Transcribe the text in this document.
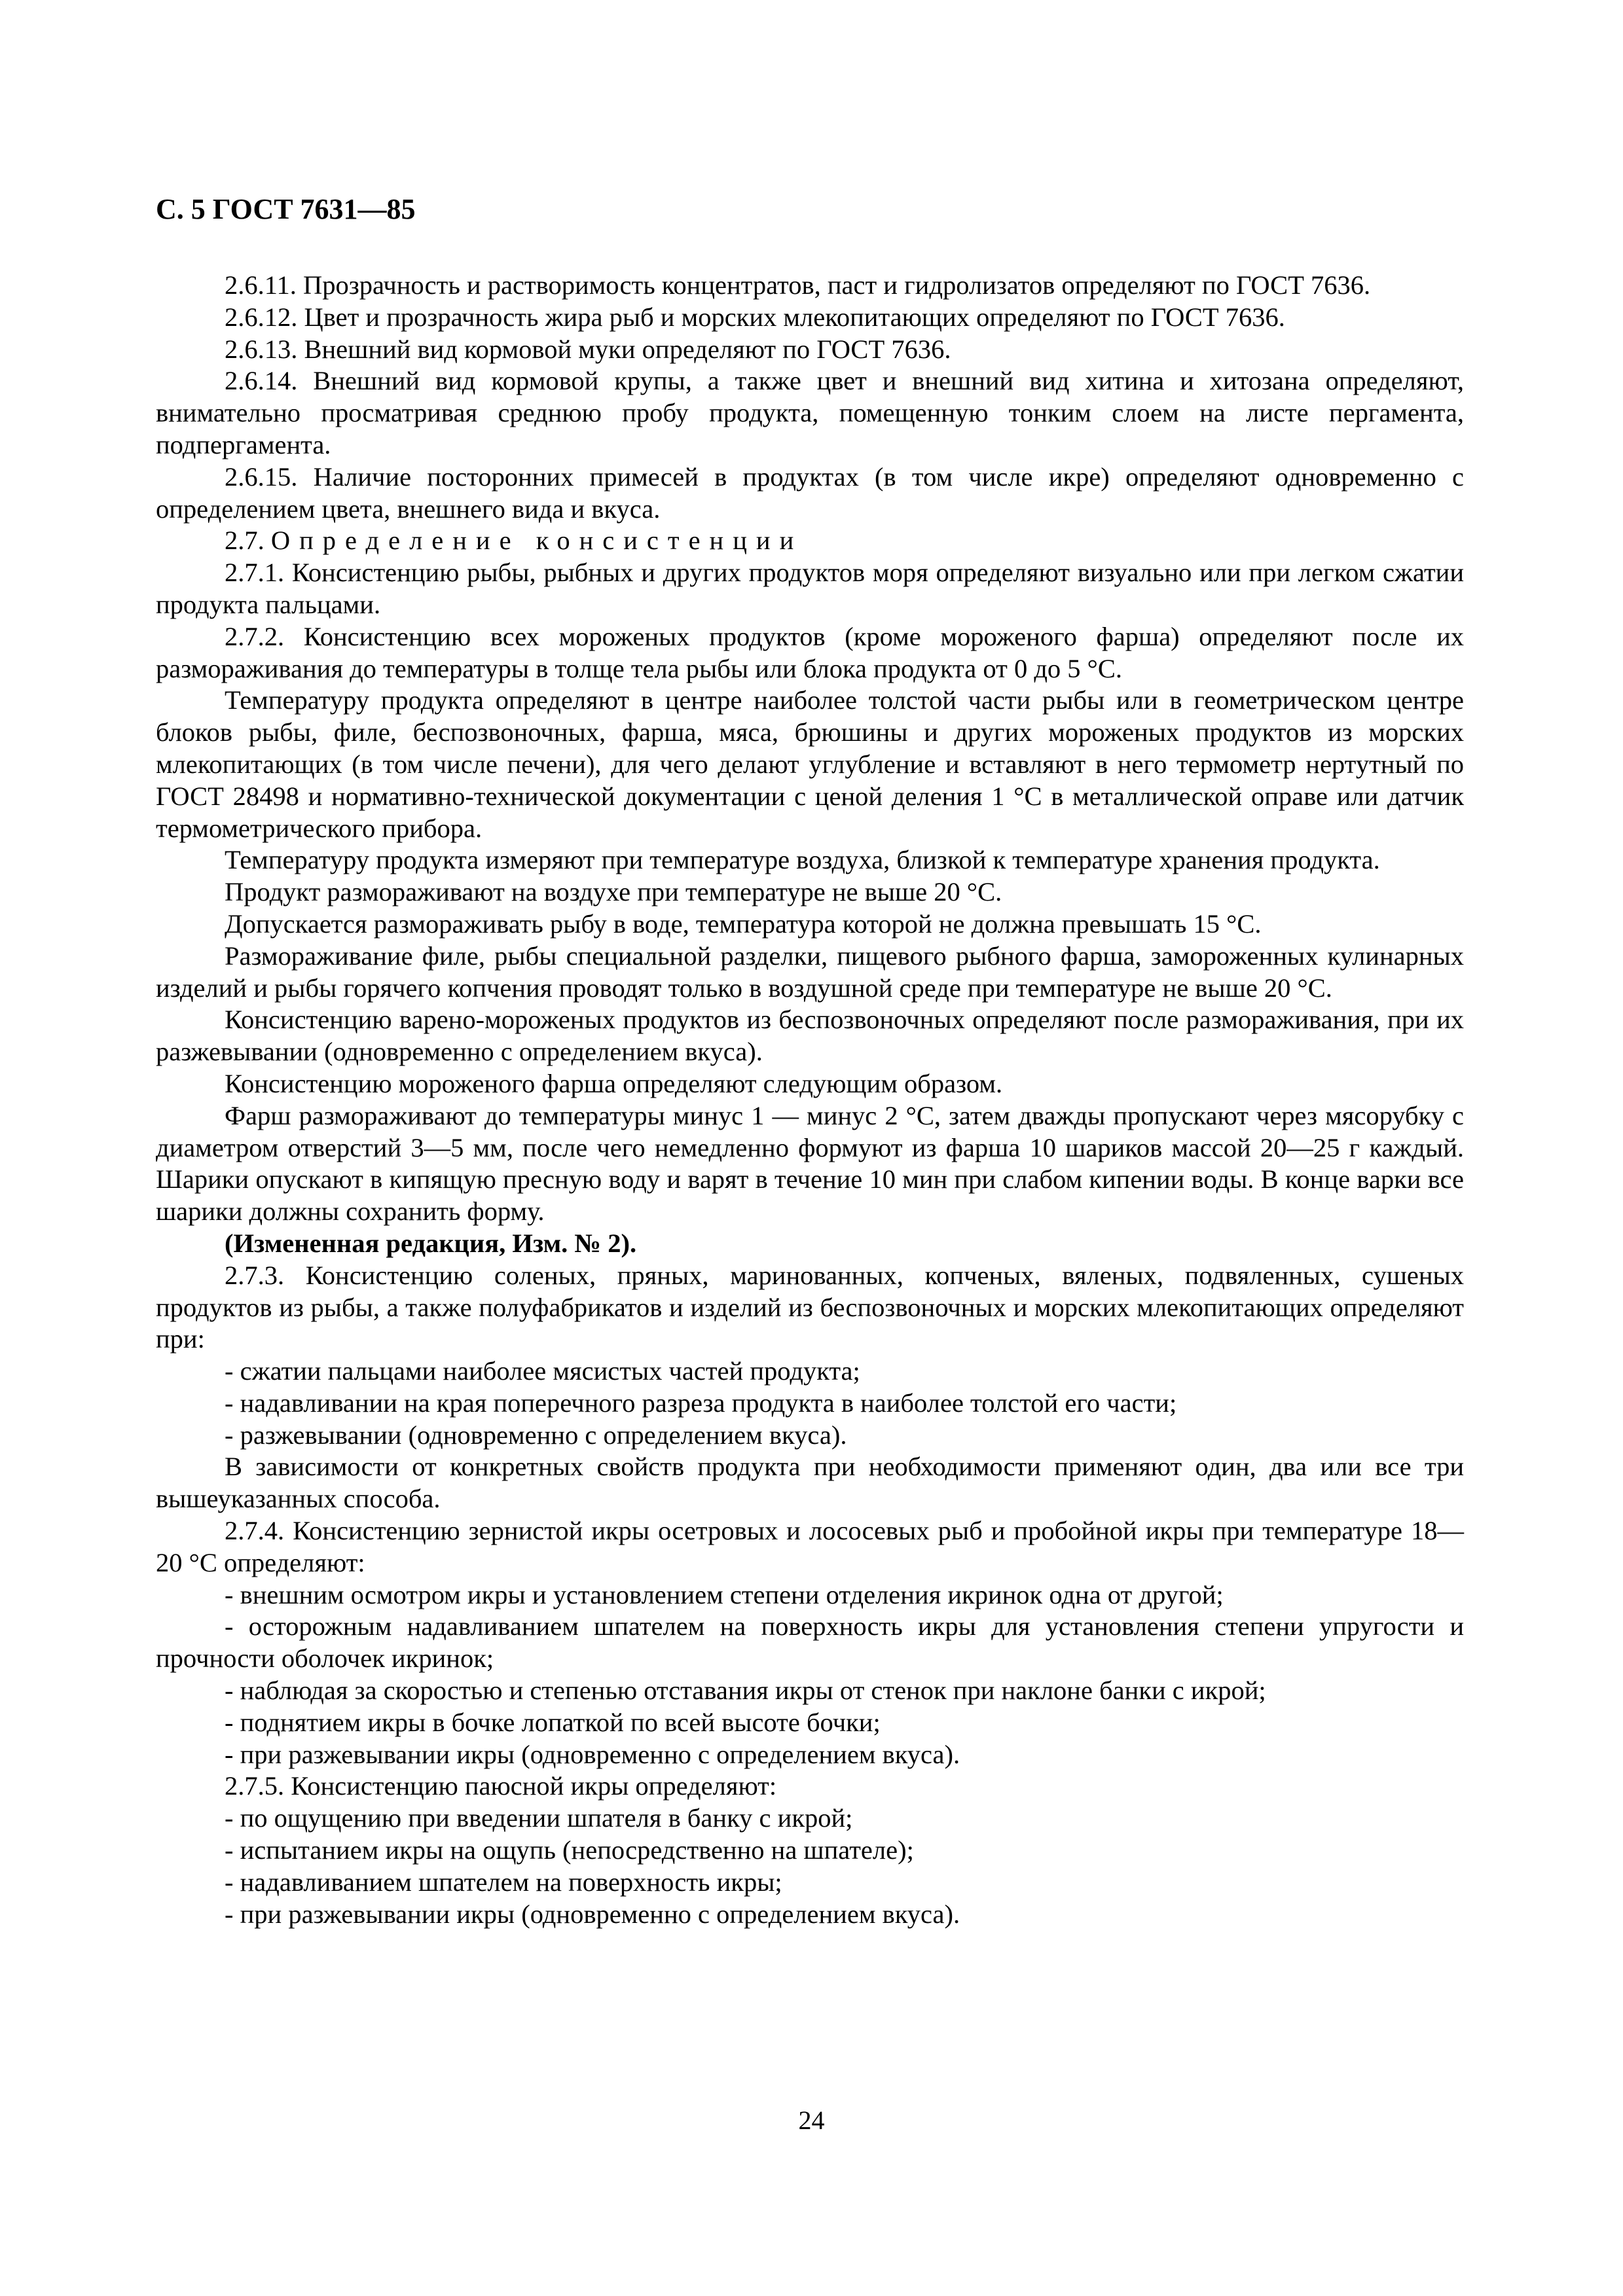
С. 5 ГОСТ 7631—85

2.6.11. Прозрачность и растворимость концентратов, паст и гидролизатов определяют по ГОСТ 7636.

2.6.12. Цвет и прозрачность жира рыб и морских млекопитающих определяют по ГОСТ 7636.

2.6.13. Внешний вид кормовой муки определяют по ГОСТ 7636.

2.6.14. Внешний вид кормовой крупы, а также цвет и внешний вид хитина и хитозана определяют, внимательно просматривая среднюю пробу продукта, помещенную тонким слоем на листе пергамента, подпергамента.

2.6.15. Наличие посторонних примесей в продуктах (в том числе икре) определяют одновременно с определением цвета, внешнего вида и вкуса.

2.7. Определение консистенции

2.7.1. Консистенцию рыбы, рыбных и других продуктов моря определяют визуально или при легком сжатии продукта пальцами.

2.7.2. Консистенцию всех мороженых продуктов (кроме мороженого фарша) определяют после их размораживания до температуры в толще тела рыбы или блока продукта от 0 до 5 °С.

Температуру продукта определяют в центре наиболее толстой части рыбы или в геометрическом центре блоков рыбы, филе, беспозвоночных, фарша, мяса, брюшины и других мороженых продуктов из морских млекопитающих (в том числе печени), для чего делают углубление и вставляют в него термометр нертутный по ГОСТ 28498 и нормативно-технической документации с ценой деления 1 °С в металлической оправе или датчик термометрического прибора.

Температуру продукта измеряют при температуре воздуха, близкой к температуре хранения продукта.

Продукт размораживают на воздухе при температуре не выше 20 °С.

Допускается размораживать рыбу в воде, температура которой не должна превышать 15 °С.

Размораживание филе, рыбы специальной разделки, пищевого рыбного фарша, замороженных кулинарных изделий и рыбы горячего копчения проводят только в воздушной среде при температуре не выше 20 °С.

Консистенцию варено-мороженых продуктов из беспозвоночных определяют после размораживания, при их разжевывании (одновременно с определением вкуса).

Консистенцию мороженого фарша определяют следующим образом.

Фарш размораживают до температуры минус 1 — минус 2 °С, затем дважды пропускают через мясорубку с диаметром отверстий 3—5 мм, после чего немедленно формуют из фарша 10 шариков массой 20—25 г каждый. Шарики опускают в кипящую пресную воду и варят в течение 10 мин при слабом кипении воды. В конце варки все шарики должны сохранить форму.

(Измененная редакция, Изм. № 2).

2.7.3. Консистенцию соленых, пряных, маринованных, копченых, вяленых, подвяленных, сушеных продуктов из рыбы, а также полуфабрикатов и изделий из беспозвоночных и морских млекопитающих определяют при:

- сжатии пальцами наиболее мясистых частей продукта;

- надавливании на края поперечного разреза продукта в наиболее толстой его части;

- разжевывании (одновременно с определением вкуса).

В зависимости от конкретных свойств продукта при необходимости применяют один, два или все три вышеуказанных способа.

2.7.4. Консистенцию зернистой икры осетровых и лососевых рыб и пробойной икры при температуре 18—20 °С определяют:

- внешним осмотром икры и установлением степени отделения икринок одна от другой;

- осторожным надавливанием шпателем на поверхность икры для установления степени упругости и прочности оболочек икринок;

- наблюдая за скоростью и степенью отставания икры от стенок при наклоне банки с икрой;

- поднятием икры в бочке лопаткой по всей высоте бочки;

- при разжевывании икры (одновременно с определением вкуса).

2.7.5. Консистенцию паюсной икры определяют:

- по ощущению при введении шпателя в банку с икрой;

- испытанием икры на ощупь (непосредственно на шпателе);

- надавливанием шпателем на поверхность икры;

- при разжевывании икры (одновременно с определением вкуса).

24
